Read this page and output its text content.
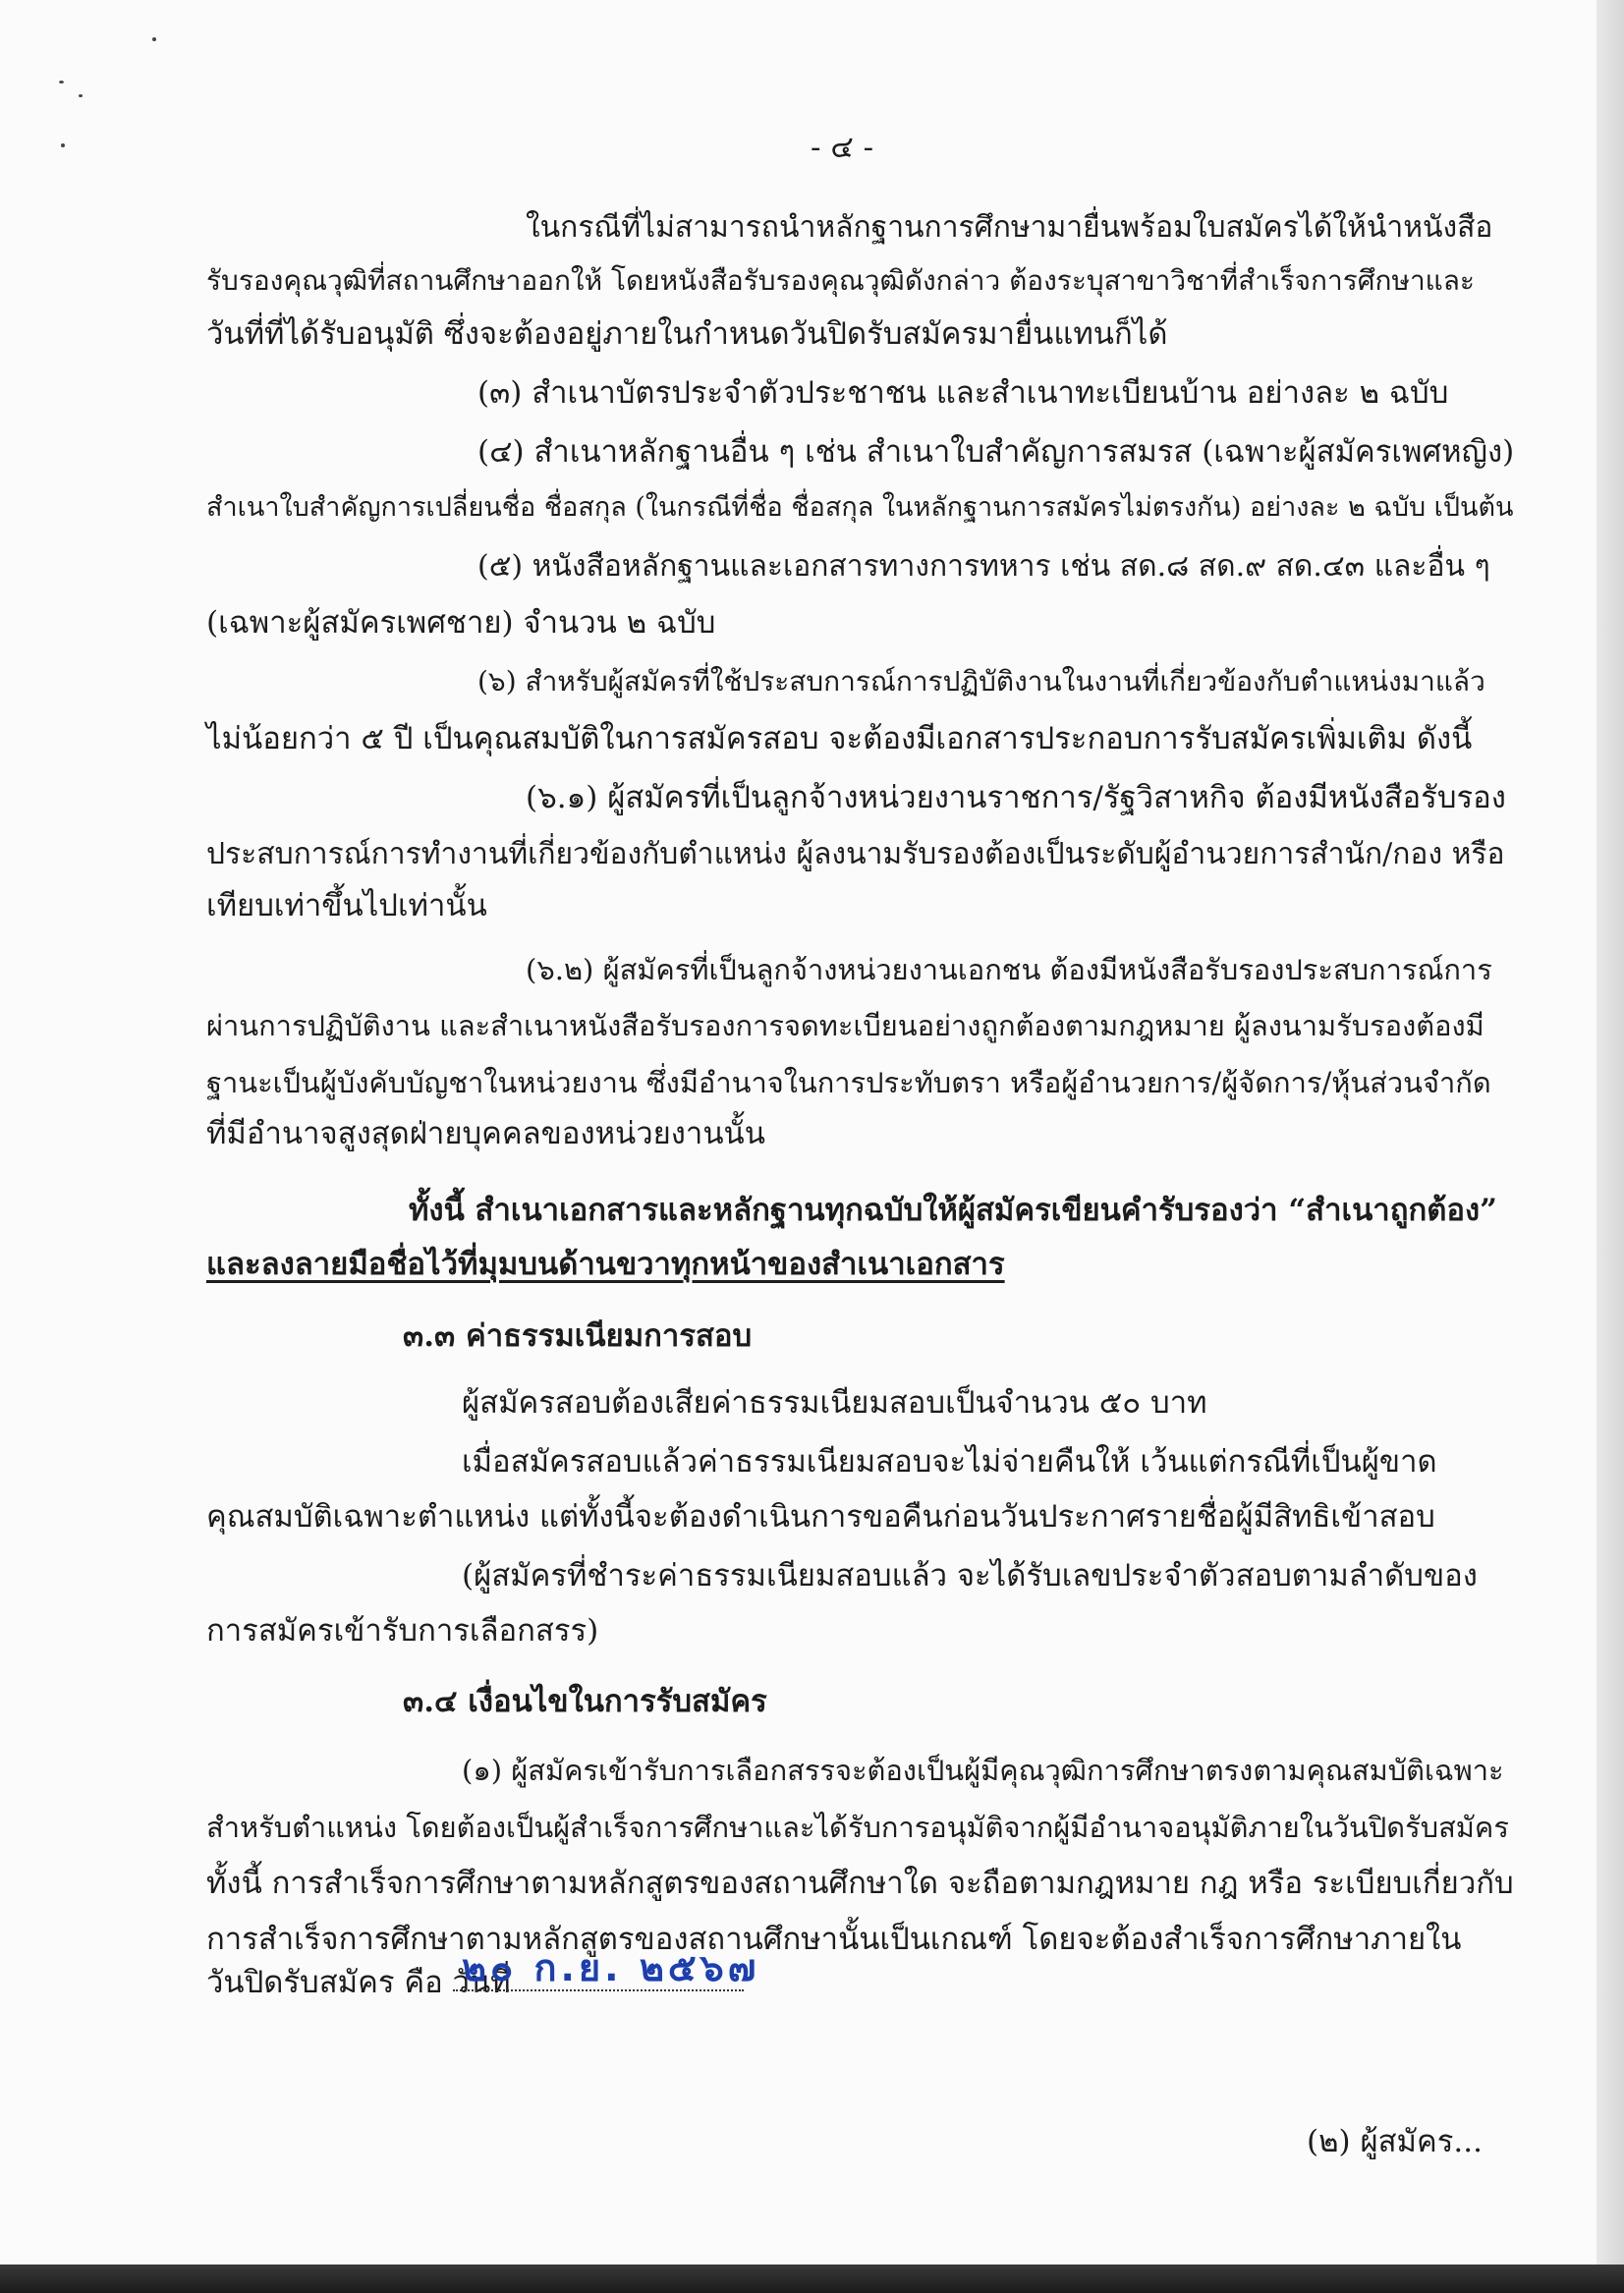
- ๔ -
ในกรณีที่ไม่สามารถนำหลักฐานการศึกษามายื่นพร้อมใบสมัครได้ให้นำหนังสือ
รับรองคุณวุฒิที่สถานศึกษาออกให้ โดยหนังสือรับรองคุณวุฒิดังกล่าว ต้องระบุสาขาวิชาที่สำเร็จการศึกษาและ
วันที่ที่ได้รับอนุมัติ ซึ่งจะต้องอยู่ภายในกำหนดวันปิดรับสมัครมายื่นแทนก็ได้
(๓) สำเนาบัตรประจำตัวประชาชน และสำเนาทะเบียนบ้าน อย่างละ ๒ ฉบับ
(๔) สำเนาหลักฐานอื่น ๆ เช่น สำเนาใบสำคัญการสมรส (เฉพาะผู้สมัครเพศหญิง)
สำเนาใบสำคัญการเปลี่ยนชื่อ ชื่อสกุล (ในกรณีที่ชื่อ ชื่อสกุล ในหลักฐานการสมัครไม่ตรงกัน) อย่างละ ๒ ฉบับ เป็นต้น
(๕) หนังสือหลักฐานและเอกสารทางการทหาร เช่น สด.๘ สด.๙ สด.๔๓ และอื่น ๆ
(เฉพาะผู้สมัครเพศชาย) จำนวน ๒ ฉบับ
(๖) สำหรับผู้สมัครที่ใช้ประสบการณ์การปฏิบัติงานในงานที่เกี่ยวข้องกับตำแหน่งมาแล้ว
ไม่น้อยกว่า ๕ ปี เป็นคุณสมบัติในการสมัครสอบ จะต้องมีเอกสารประกอบการรับสมัครเพิ่มเติม ดังนี้
(๖.๑) ผู้สมัครที่เป็นลูกจ้างหน่วยงานราชการ/รัฐวิสาหกิจ ต้องมีหนังสือรับรอง
ประสบการณ์การทำงานที่เกี่ยวข้องกับตำแหน่ง ผู้ลงนามรับรองต้องเป็นระดับผู้อำนวยการสำนัก/กอง หรือ
เทียบเท่าขึ้นไปเท่านั้น
(๖.๒) ผู้สมัครที่เป็นลูกจ้างหน่วยงานเอกชน ต้องมีหนังสือรับรองประสบการณ์การ
ผ่านการปฏิบัติงาน และสำเนาหนังสือรับรองการจดทะเบียนอย่างถูกต้องตามกฎหมาย ผู้ลงนามรับรองต้องมี
ฐานะเป็นผู้บังคับบัญชาในหน่วยงาน ซึ่งมีอำนาจในการประทับตรา หรือผู้อำนวยการ/ผู้จัดการ/หุ้นส่วนจำกัด
ที่มีอำนาจสูงสุดฝ่ายบุคคลของหน่วยงานนั้น
ทั้งนี้ สำเนาเอกสารและหลักฐานทุกฉบับให้ผู้สมัครเขียนคำรับรองว่า “สำเนาถูกต้อง”
และลงลายมือชื่อไว้ที่มุมบนด้านขวาทุกหน้าของสำเนาเอกสาร
๓.๓ ค่าธรรมเนียมการสอบ
ผู้สมัครสอบต้องเสียค่าธรรมเนียมสอบเป็นจำนวน ๕๐ บาท
เมื่อสมัครสอบแล้วค่าธรรมเนียมสอบจะไม่จ่ายคืนให้ เว้นแต่กรณีที่เป็นผู้ขาด
คุณสมบัติเฉพาะตำแหน่ง แต่ทั้งนี้จะต้องดำเนินการขอคืนก่อนวันประกาศรายชื่อผู้มีสิทธิเข้าสอบ
(ผู้สมัครที่ชำระค่าธรรมเนียมสอบแล้ว จะได้รับเลขประจำตัวสอบตามลำดับของ
การสมัครเข้ารับการเลือกสรร)
๓.๔ เงื่อนไขในการรับสมัคร
(๑) ผู้สมัครเข้ารับการเลือกสรรจะต้องเป็นผู้มีคุณวุฒิการศึกษาตรงตามคุณสมบัติเฉพาะ
สำหรับตำแหน่ง โดยต้องเป็นผู้สำเร็จการศึกษาและได้รับการอนุมัติจากผู้มีอำนาจอนุมัติภายในวันปิดรับสมัคร
ทั้งนี้ การสำเร็จการศึกษาตามหลักสูตรของสถานศึกษาใด จะถือตามกฎหมาย กฎ หรือ ระเบียบเกี่ยวกับ
การสำเร็จการศึกษาตามหลักสูตรของสถานศึกษานั้นเป็นเกณฑ์ โดยจะต้องสำเร็จการศึกษาภายใน
วันปิดรับสมัคร คือ วันที่
๒๐ ก.ย. ๒๕๖๗
(๒) ผู้สมัคร...
